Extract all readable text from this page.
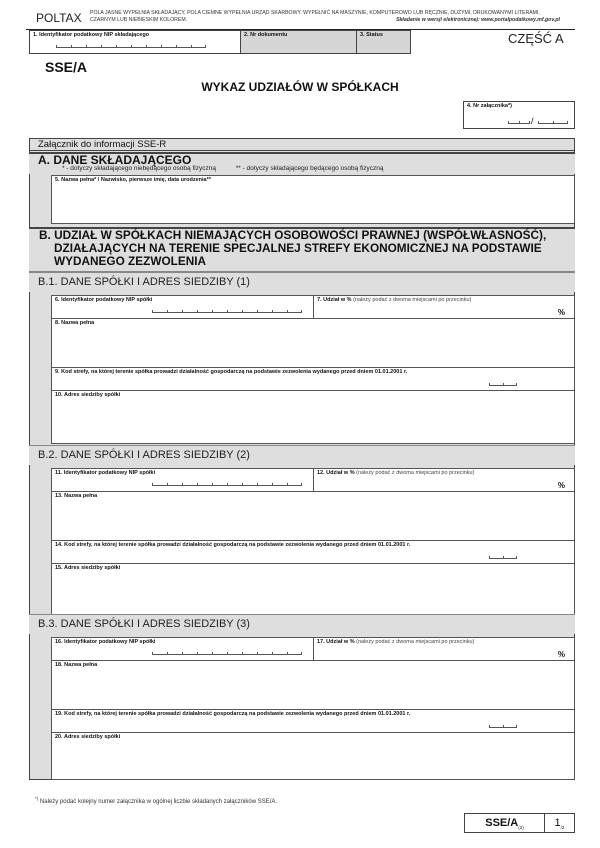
POLTAX POLA JASNE WYPEŁNIA SKŁADAJĄCY, POLA CIEMNE WYPEŁNIA URZĄD SKARBOWY. WYPEŁNIĆ NA MASZYNIE, KOMPUTEROWO LUB RĘCZNIE, DUŻYMI, DRUKOWANYMI LITERAMI, CZARNYM LUB NIEBIESKIM KOLOREM.	Składanie w wersji elektronicznej: www.portalpodatkowy.mf.gov.pl
1. Identyfikator podatkowy NIP składającego	2. Nr dokumentu	3. Status	CZĘŚĆ A
SSE/A
WYKAZ UDZIAŁÓW W SPÓŁKACH
4. Nr załącznika*)
/
Załącznik do informacji SSE-R
A. DANE SKŁADAJĄCEGO
* - dotyczy składającego niebędącego osobą fizyczną	** - dotyczy składającego będącego osobą fizyczną
5. Nazwa pełna* / Nazwisko, pierwsze imię, data urodzenia**
B. UDZIAŁ W SPÓŁKACH NIEMAJĄCYCH OSOBOWOŚCI PRAWNEJ (WSPÓŁWŁASNOŚĆ),
DZIAŁAJĄCYCH NA TERENIE SPECJALNEJ STREFY EKONOMICZNEJ NA PODSTAWIE
WYDANEGO ZEZWOLENIA
B.1. DANE SPÓŁKI I ADRES SIEDZIBY (1)
6. Identyfikator podatkowy NIP spółki	7. Udział w % (należy podać z dwoma miejscami po przecinku)
%
8. Nazwa pełna
9. Kod strefy, na której terenie spółka prowadzi działalność gospodarczą na podstawie zezwolenia wydanego przed dniem 01.01.2001 r.
10. Adres siedziby spółki
B.2. DANE SPÓŁKI I ADRES SIEDZIBY (2)
11. Identyfikator podatkowy NIP spółki	12. Udział w % (należy podać z dwoma miejscami po przecinku)
%
13. Nazwa pełna
14. Kod strefy, na której terenie spółka prowadzi działalność gospodarczą na podstawie zezwolenia wydanego przed dniem 01.01.2001 r.
15. Adres siedziby spółki
B.3. DANE SPÓŁKI I ADRES SIEDZIBY (3)
16. Identyfikator podatkowy NIP spółki	17. Udział w % (należy podać z dwoma miejscami po przecinku)
%
18. Nazwa pełna
19. Kod strefy, na której terenie spółka prowadzi działalność gospodarczą na podstawie zezwolenia wydanego przed dniem 01.01.2001 r.
20. Adres siedziby spółki
*) Należy podać kolejny numer załącznika w ogólnej liczbie składanych załączników SSE/A.
SSE/$A_{(2)}$	$1_{/2}$
